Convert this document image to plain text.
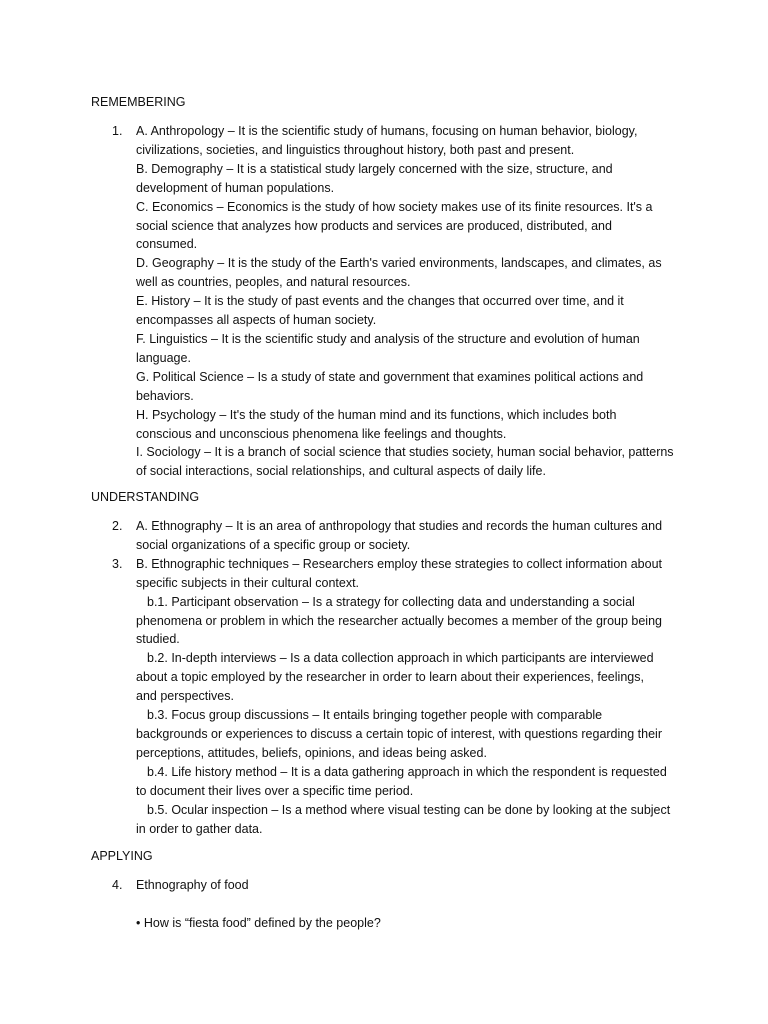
REMEMBERING
1. A. Anthropology – It is the scientific study of humans, focusing on human behavior, biology,
civilizations, societies, and linguistics throughout history, both past and present.
B. Demography – It is a statistical study largely concerned with the size, structure, and
development of human populations.
C. Economics – Economics is the study of how society makes use of its finite resources. It's a
social science that analyzes how products and services are produced, distributed, and
consumed.
D. Geography – It is the study of the Earth's varied environments, landscapes, and climates, as
well as countries, peoples, and natural resources.
E. History – It is the study of past events and the changes that occurred over time, and it
encompasses all aspects of human society.
F. Linguistics – It is the scientific study and analysis of the structure and evolution of human
language.
G. Political Science – Is a study of state and government that examines political actions and
behaviors.
H. Psychology – It's the study of the human mind and its functions, which includes both
conscious and unconscious phenomena like feelings and thoughts.
I. Sociology – It is a branch of social science that studies society, human social behavior, patterns
of social interactions, social relationships, and cultural aspects of daily life.
UNDERSTANDING
2. A. Ethnography – It is an area of anthropology that studies and records the human cultures and
social organizations of a specific group or society.
3. B. Ethnographic techniques – Researchers employ these strategies to collect information about
specific subjects in their cultural context.
b.1. Participant observation – Is a strategy for collecting data and understanding a social
phenomena or problem in which the researcher actually becomes a member of the group being
studied.
b.2. In-depth interviews – Is a data collection approach in which participants are interviewed
about a topic employed by the researcher in order to learn about their experiences, feelings,
and perspectives.
b.3. Focus group discussions – It entails bringing together people with comparable
backgrounds or experiences to discuss a certain topic of interest, with questions regarding their
perceptions, attitudes, beliefs, opinions, and ideas being asked.
b.4. Life history method – It is a data gathering approach in which the respondent is requested
to document their lives over a specific time period.
b.5. Ocular inspection – Is a method where visual testing can be done by looking at the subject
in order to gather data.
APPLYING
4. Ethnography of food
• How is “fiesta food” defined by the people?
